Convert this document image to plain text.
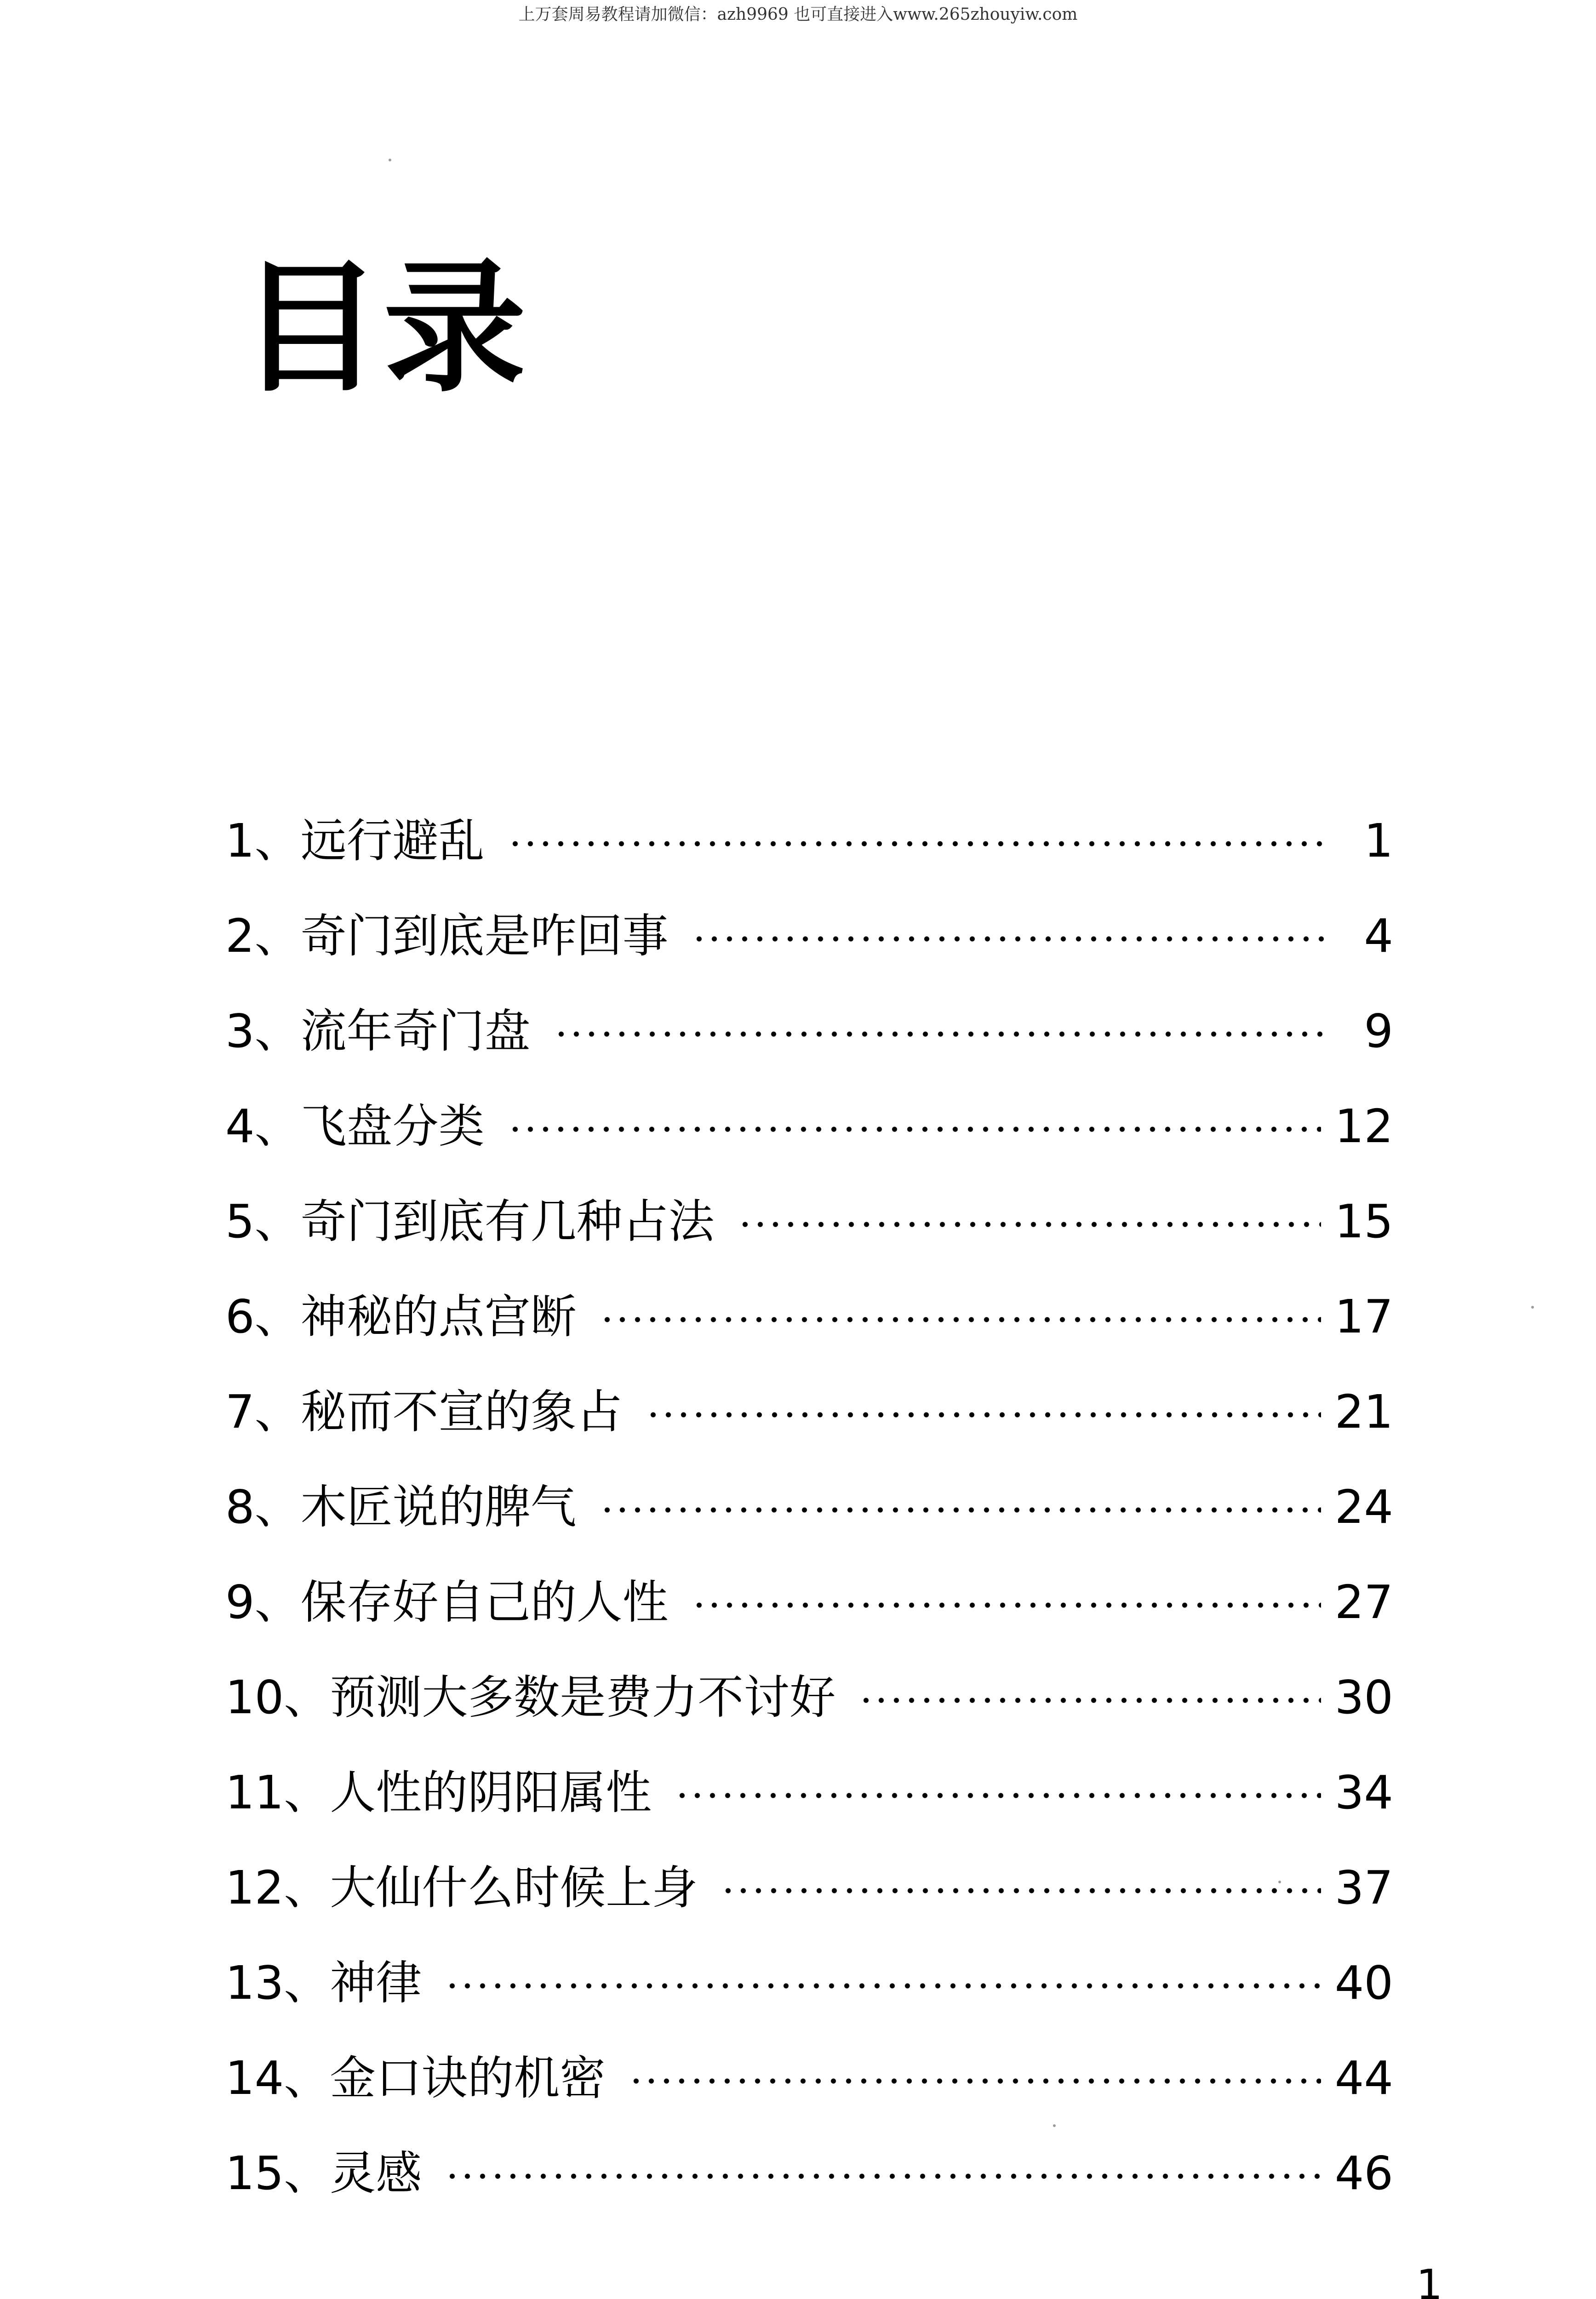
上万套周易教程请加微信：azh9969 也可直接进入www.265zhouyiw.com
目录
1 、 远行避乱	1
2 、 奇门到底是咋回事	4
3 、 流年奇门盘	9
4 、 飞盘分类	12
5 、 奇门到底有几种占法	15
6 、 神秘的点宫断	17
7 、 秘而不宣的象占	21
8 、 木匠说的脾气	24
9 、 保存好自己的人性	27
10 、 预测大多数是费力不讨好	30
11 、 人性的阴阳属性	34
12 、 大仙什么时候上身	37
13 、 神律	40
14 、 金口诀的机密	44
15 、 灵感	46
1
